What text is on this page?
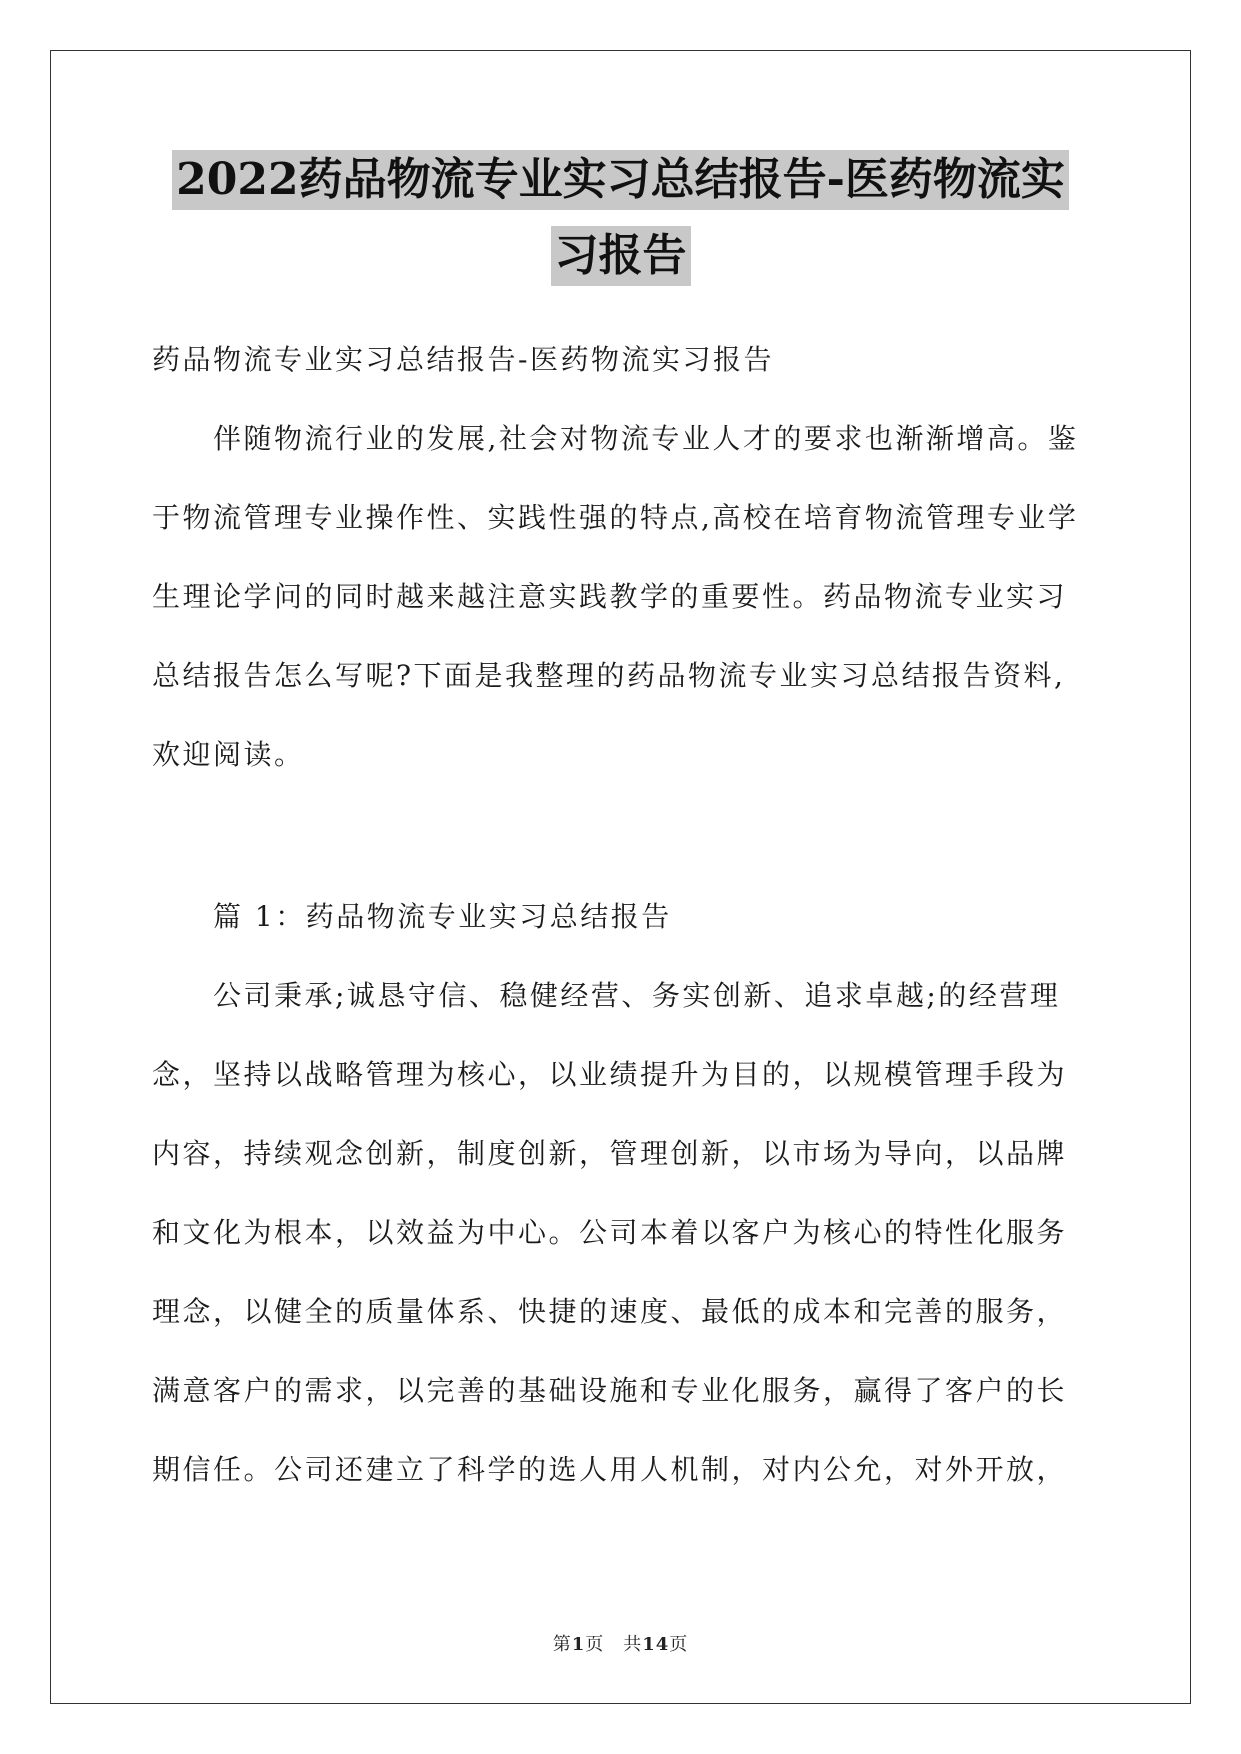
2022药品物流专业实习总结报告-医药物流实
习报告

药品物流专业实习总结报告-医药物流实习报告

伴随物流行业的发展,社会对物流专业人才的要求也渐渐增高。鉴于物流管理专业操作性、实践性强的特点,高校在培育物流管理专业学生理论学问的同时越来越注意实践教学的重要性。药品物流专业实习总结报告怎么写呢?下面是我整理的药品物流专业实习总结报告资料,欢迎阅读。

篇 1：药品物流专业实习总结报告

公司秉承;诚恳守信、稳健经营、务实创新、追求卓越;的经营理念，坚持以战略管理为核心，以业绩提升为目的，以规模管理手段为内容，持续观念创新，制度创新，管理创新，以市场为导向，以品牌和文化为根本，以效益为中心。公司本着以客户为核心的特性化服务理念，以健全的质量体系、快捷的速度、最低的成本和完善的服务，满意客户的需求，以完善的基础设施和专业化服务，赢得了客户的长期信任。公司还建立了科学的选人用人机制，对内公允，对外开放，

第1页　共14页
